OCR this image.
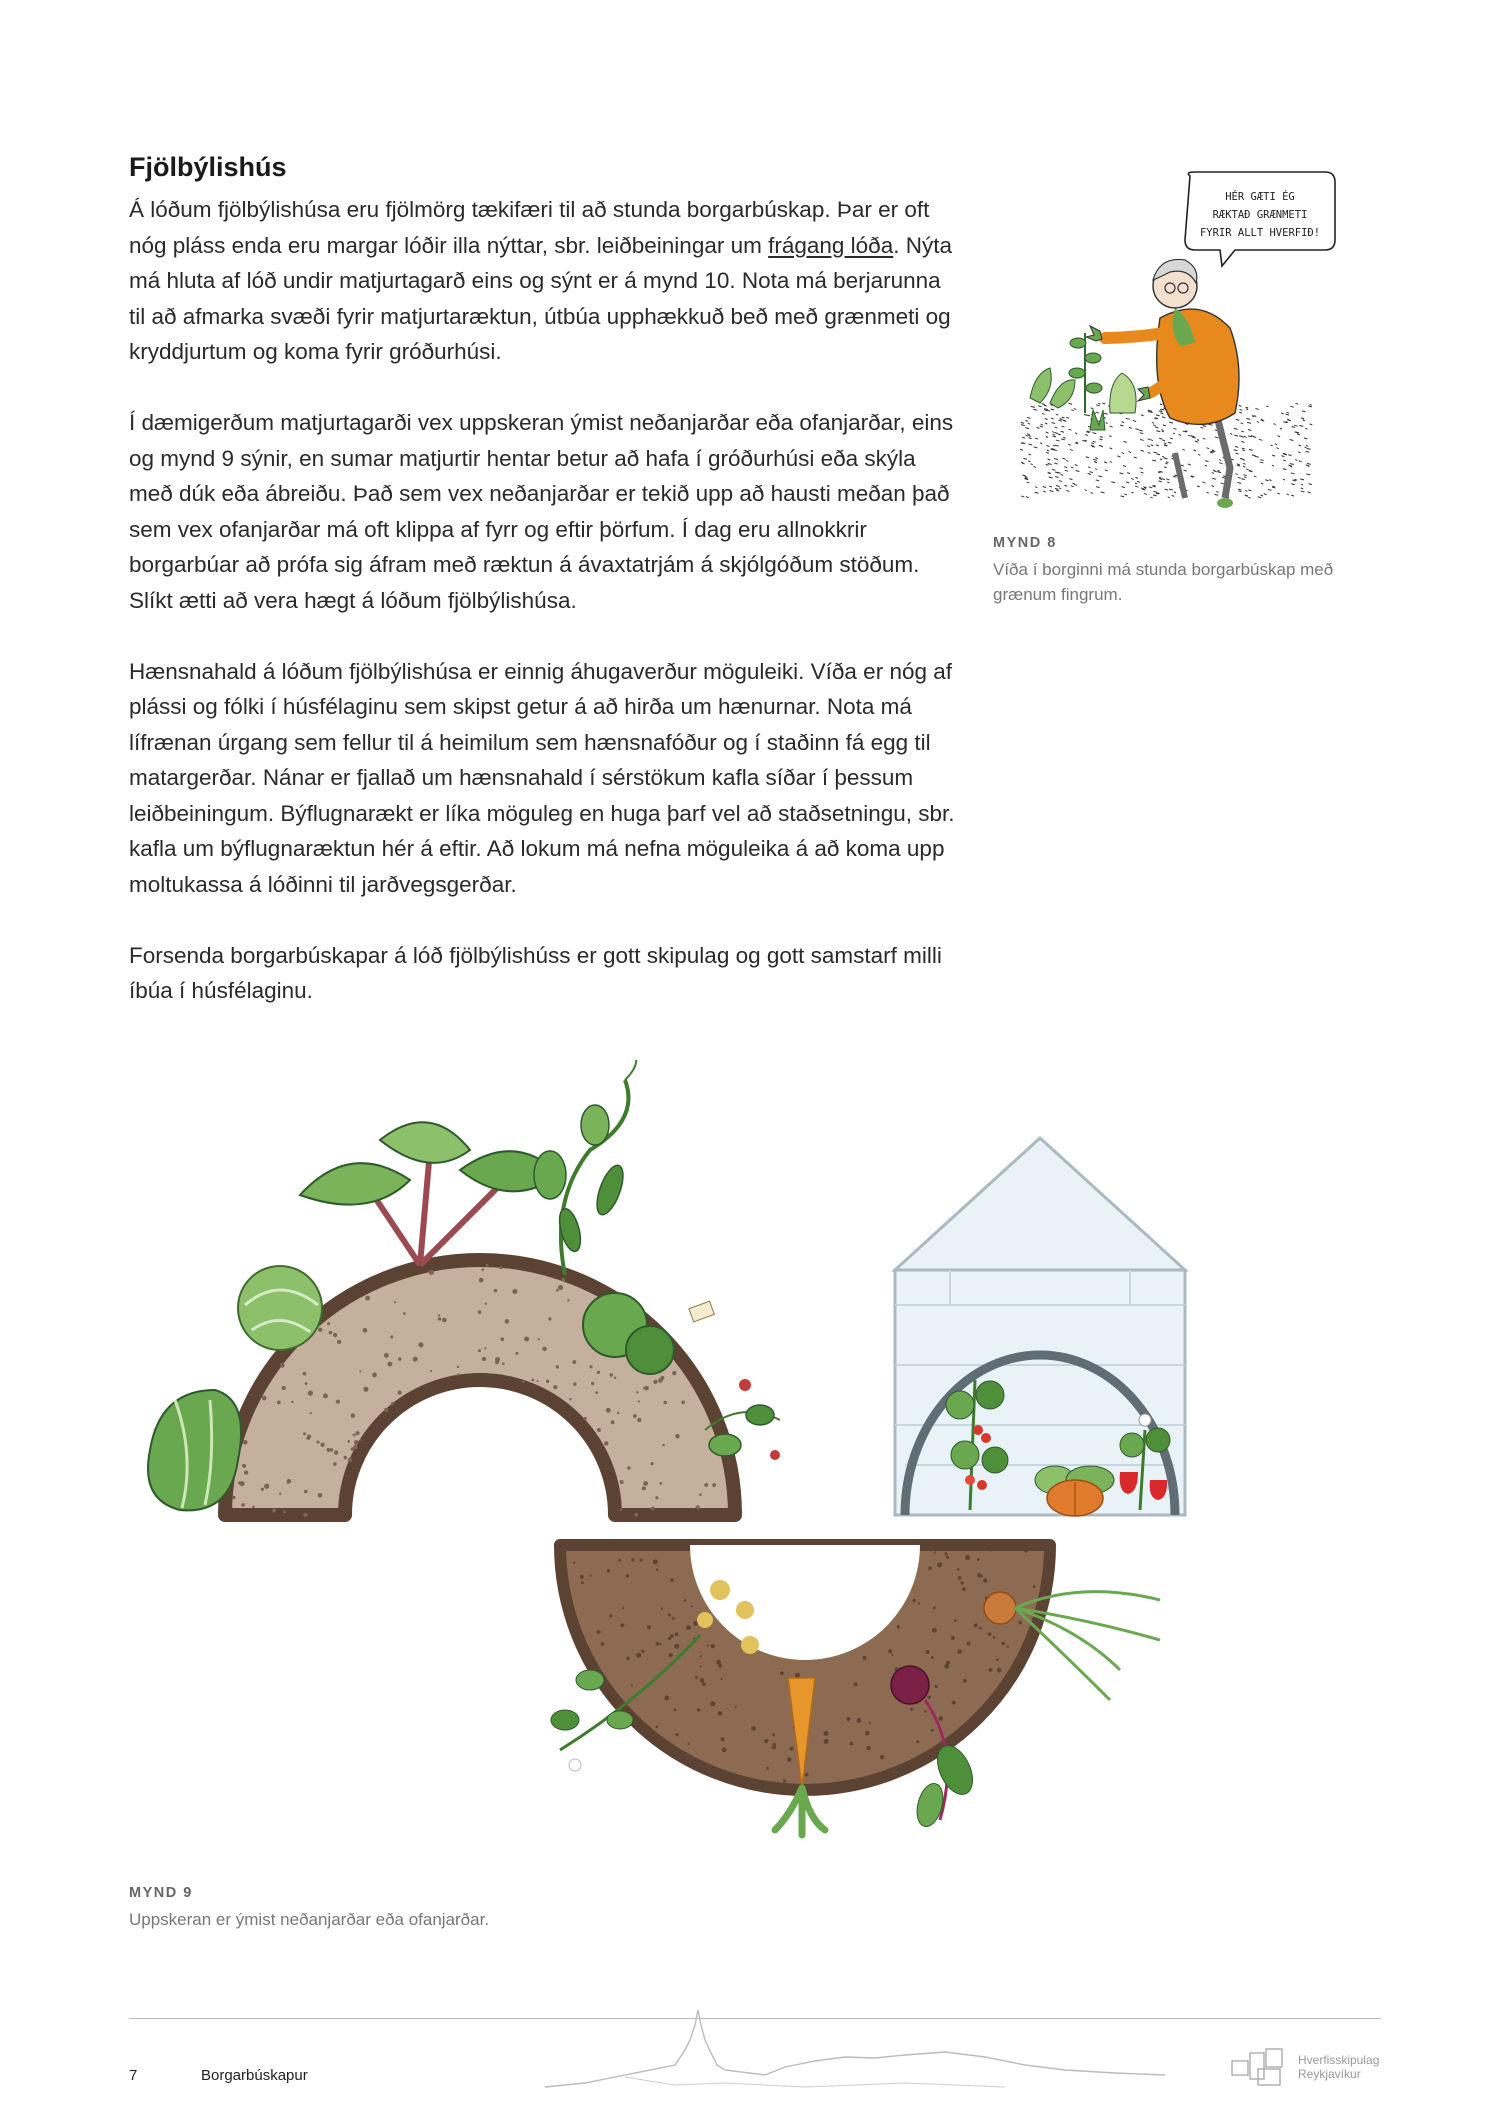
Fjölbýlishús

Á lóðum fjölbýlishúsa eru fjölmörg tækifæri til að stunda borgarbúskap. Þar er oft nóg pláss enda eru margar lóðir illa nýttar, sbr. leiðbeiningar um frágang lóða. Nýta má hluta af lóð undir matjurtagarð eins og sýnt er á mynd 10. Nota má berjarunna til að afmarka svæði fyrir matjurtaræktun, útbúa upphækkuð beð með grænmeti og kryddjurtum og koma fyrir gróðurhúsi.

Í dæmigerðum matjurtagarði vex uppskeran ýmist neðanjarðar eða ofanjarðar, eins og mynd 9 sýnir, en sumar matjurtir hentar betur að hafa í gróðurhúsi eða skýla með dúk eða ábreiðu. Það sem vex neðanjarðar er tekið upp að hausti meðan það sem vex ofanjarðar má oft klippa af fyrr og eftir þörfum. Í dag eru allnokkrir borgarbúar að prófa sig áfram með ræktun á ávaxtatrjám á skjólgóðum stöðum. Slíkt ætti að vera hægt á lóðum fjölbýlishúsa.

Hænsnahald á lóðum fjölbýlishúsa er einnig áhugaverður möguleiki. Víða er nóg af plássi og fólki í húsfélaginu sem skipst getur á að hirða um hænurnar. Nota má lífrænan úrgang sem fellur til á heimilum sem hænsnafóður og í staðinn fá egg til matargerðar. Nánar er fjallað um hænsnahald í sérstökum kafla síðar í þessum leiðbeiningum. Býflugnarækt er líka möguleg en huga þarf vel að staðsetningu, sbr. kafla um býflugnaræktun hér á eftir. Að lokum má nefna möguleika á að koma upp moltukassa á lóðinni til jarðvegsgerðar.

Forsenda borgarbúskapar á lóð fjölbýlishúss er gott skipulag og gott samstarf milli íbúa í húsfélaginu.

HÉR GÆTI ÉG
RÆKTAÐ GRÆNMETI
FYRIR ALLT HVERFIÐ!
MYND 8
Víða í borginni má stunda borgarbúskap með grænum fingrum.
MYND 9
Uppskeran er ýmist neðanjarðar eða ofanjarðar.
7	Borgarbúskapur
Hverfisskipulag
Reykjavíkur
